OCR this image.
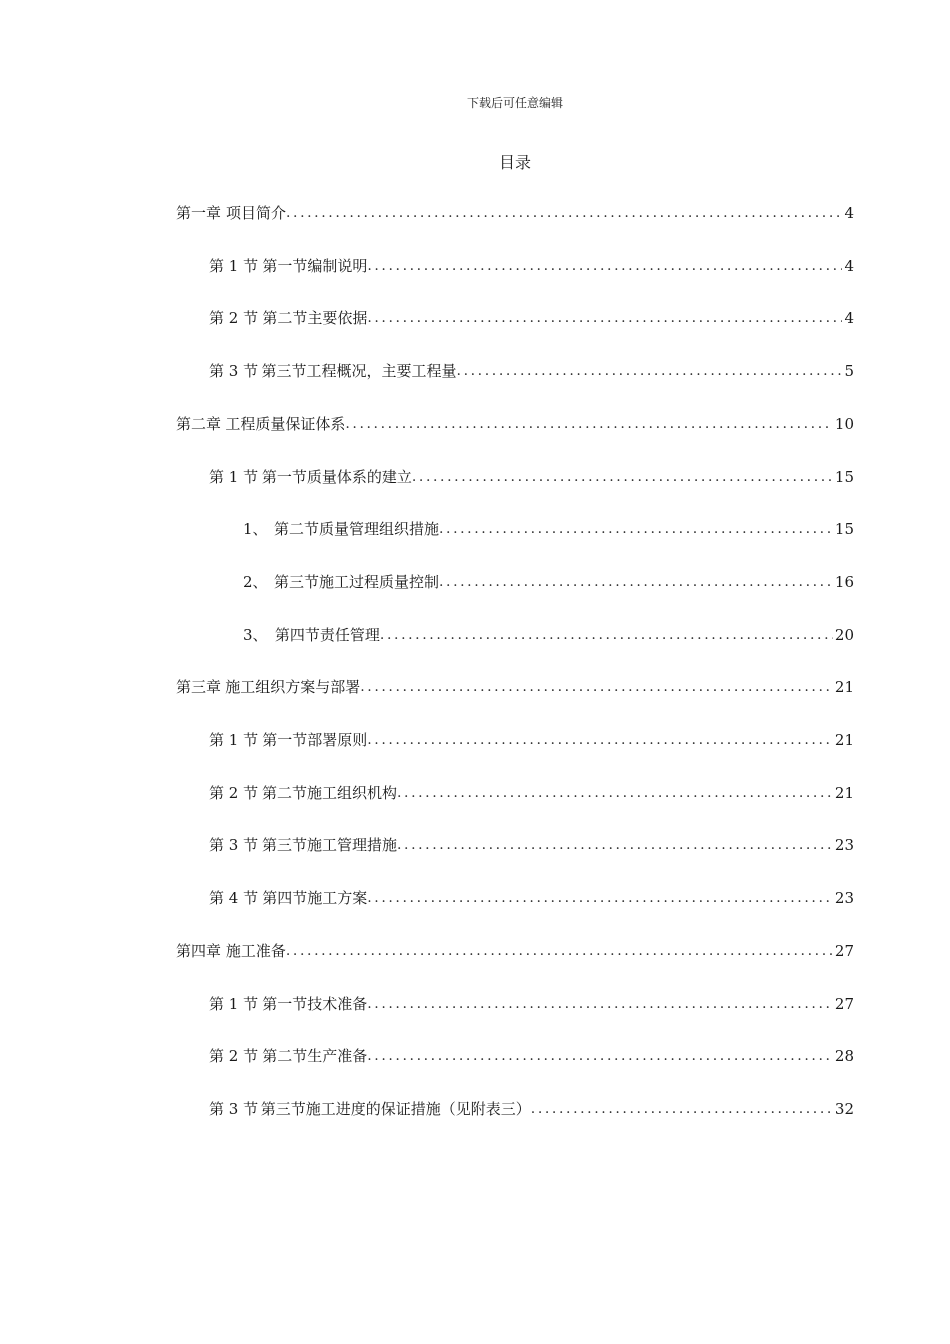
下载后可任意编辑
目录
第一章 项目简介 .....	4
第 1 节 第一节编制说明 .....	4
第 2 节 第二节主要依据 .....	4
第 3 节 第三节工程概况，主要工程量 .....	5
第二章 工程质量保证体系 .....	10
第 1 节 第一节质量体系的建立 .....	15
1、 第二节质量管理组织措施 .....	15
2、 第三节施工过程质量控制 .....	16
3、 第四节责任管理 .....	20
第三章 施工组织方案与部署 .....	21
第 1 节 第一节部署原则 .....	21
第 2 节 第二节施工组织机构 .....	21
第 3 节 第三节施工管理措施 .....	23
第 4 节 第四节施工方案 .....	23
第四章 施工准备 .....	27
第 1 节 第一节技术准备 .....	27
第 2 节 第二节生产准备 .....	28
第 3 节 第三节施工进度的保证措施（见附表三） .....	32
